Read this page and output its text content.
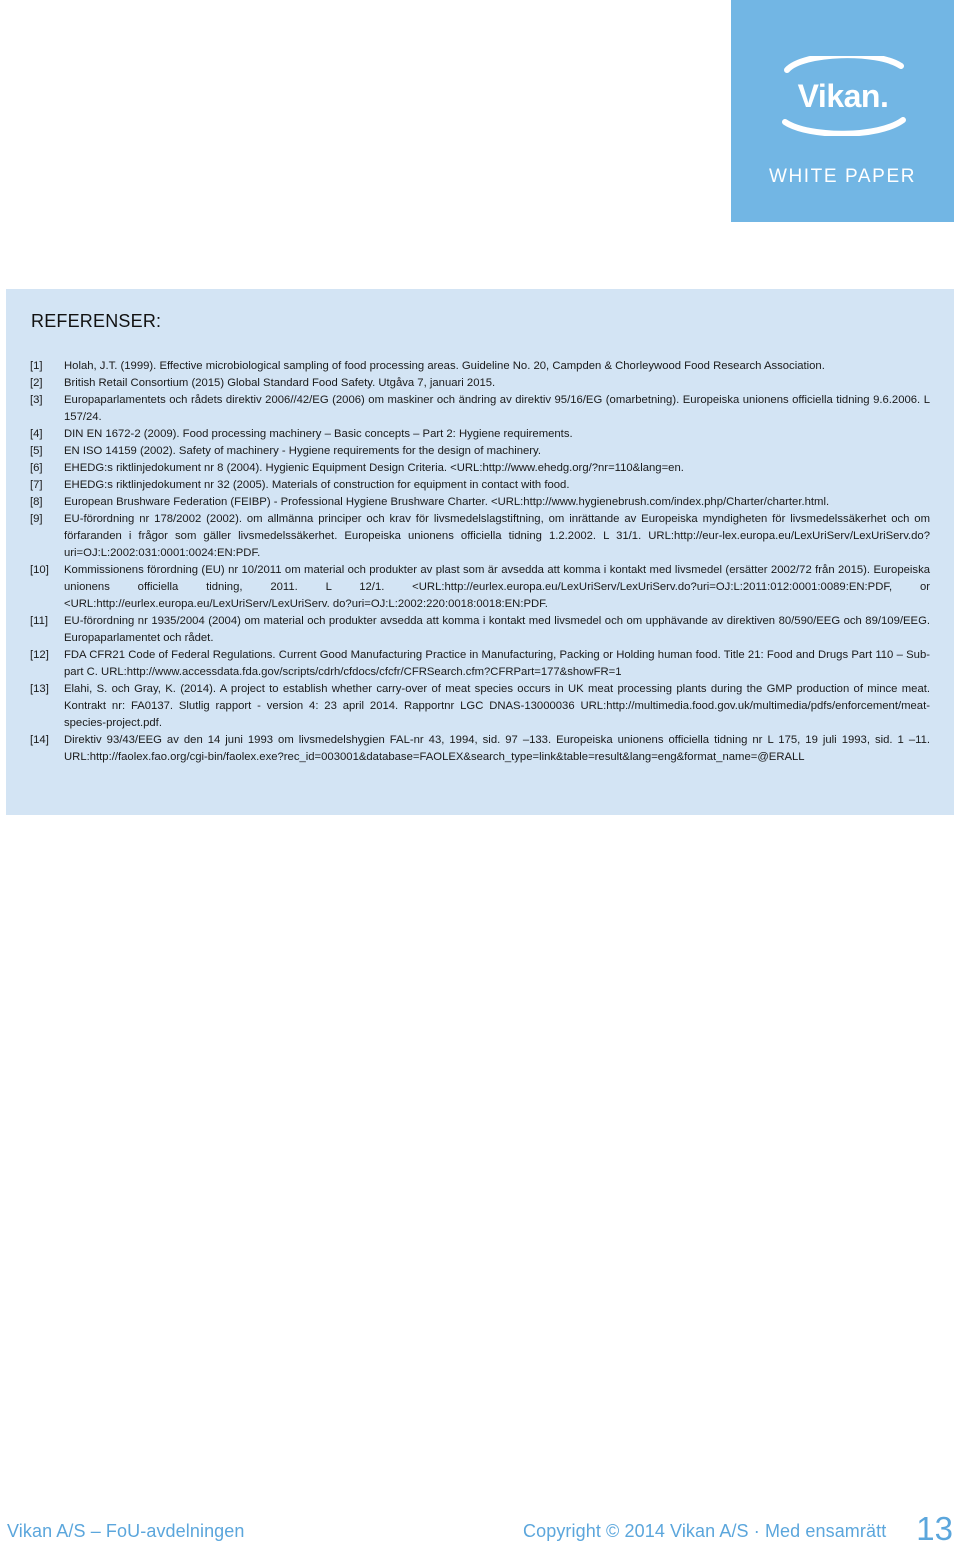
Vikan.
WHITE PAPER
REFERENSER:
[1]	Holah, J.T. (1999). Effective microbiological sampling of food processing areas. Guideline No. 20, Campden & Chorleywood Food Research Association.
[2]	British Retail Consortium (2015) Global Standard Food Safety. Utgåva 7, januari 2015.
[3]	Europaparlamentets och rådets direktiv 2006//42/EG (2006) om maskiner och ändring av direktiv 95/16/EG (omarbetning). Europeiska unionens officiella tidning 9.6.2006. L 157/24.
[4]	DIN EN 1672-2 (2009). Food processing machinery – Basic concepts – Part 2: Hygiene requirements.
[5]	EN ISO 14159 (2002). Safety of machinery - Hygiene requirements for the design of machinery.
[6]	EHEDG:s riktlinjedokument nr 8 (2004). Hygienic Equipment Design Criteria. <URL:http://www.ehedg.org/?nr=110&lang=en.
[7]	EHEDG:s riktlinjedokument nr 32 (2005). Materials of construction for equipment in contact with food.
[8]	European Brushware Federation (FEIBP) - Professional Hygiene Brushware Charter. <URL:http://www.hygienebrush.com/index.php/Charter/charter.html.
[9]	EU-förordning nr 178/2002 (2002). om allmänna principer och krav för livsmedelslagstiftning, om inrättande av Europeiska myndigheten för livsmedelssäkerhet och om förfaranden i frågor som gäller livsmedelssäkerhet. Europeiska unionens officiella tidning 1.2.2002. L 31/1. URL:http://eur-lex.europa.eu/LexUriServ/LexUriServ.do?uri=OJ:L:2002:031:0001:0024:EN:PDF.
[10]	Kommissionens förordning (EU) nr 10/2011 om material och produkter av plast som är avsedda att komma i kontakt med livsmedel (ersätter 2002/72 från 2015). Europeiska unionens officiella tidning, 2011. L 12/1. <URL:http://eurlex.europa.eu/LexUriServ/LexUriServ.do?uri=OJ:L:2011:012:0001:0089:EN:PDF, or <URL:http://eurlex.europa.eu/LexUriServ/LexUriServ. do?uri=OJ:L:2002:220:0018:0018:EN:PDF.
[11]	EU-förordning nr 1935/2004 (2004) om material och produkter avsedda att komma i kontakt med livsmedel och om upphävande av direktiven 80/590/EEG och 89/109/EEG. Europaparlamentet och rådet.
[12]	FDA CFR21 Code of Federal Regulations. Current Good Manufacturing Practice in Manufacturing, Packing or Holding human food. Title 21: Food and Drugs Part 110 – Sub-part C. URL:http://www.accessdata.fda.gov/scripts/cdrh/cfdocs/cfcfr/CFRSearch.cfm?CFRPart=177&showFR=1
[13]	Elahi, S. och Gray, K. (2014). A project to establish whether carry-over of meat species occurs in UK meat processing plants during the GMP production of mince meat. Kontrakt nr: FA0137. Slutlig rapport - version 4: 23 april 2014. Rapportnr LGC DNAS-13000036 URL:http://multimedia.food.gov.uk/multimedia/pdfs/enforcement/meat-species-project.pdf.
[14]	Direktiv 93/43/EEG av den 14 juni 1993 om livsmedelshygien FAL-nr 43, 1994, sid. 97 –133. Europeiska unionens officiella tidning nr L 175, 19 juli 1993, sid. 1 –11. URL:http://faolex.fao.org/cgi-bin/faolex.exe?rec_id=003001&database=FAOLEX&search_type=link&table=result&lang=eng&format_name=@ERALL
Vikan A/S – FoU-avdelningen	Copyright © 2014 Vikan A/S · Med ensamrätt 13
